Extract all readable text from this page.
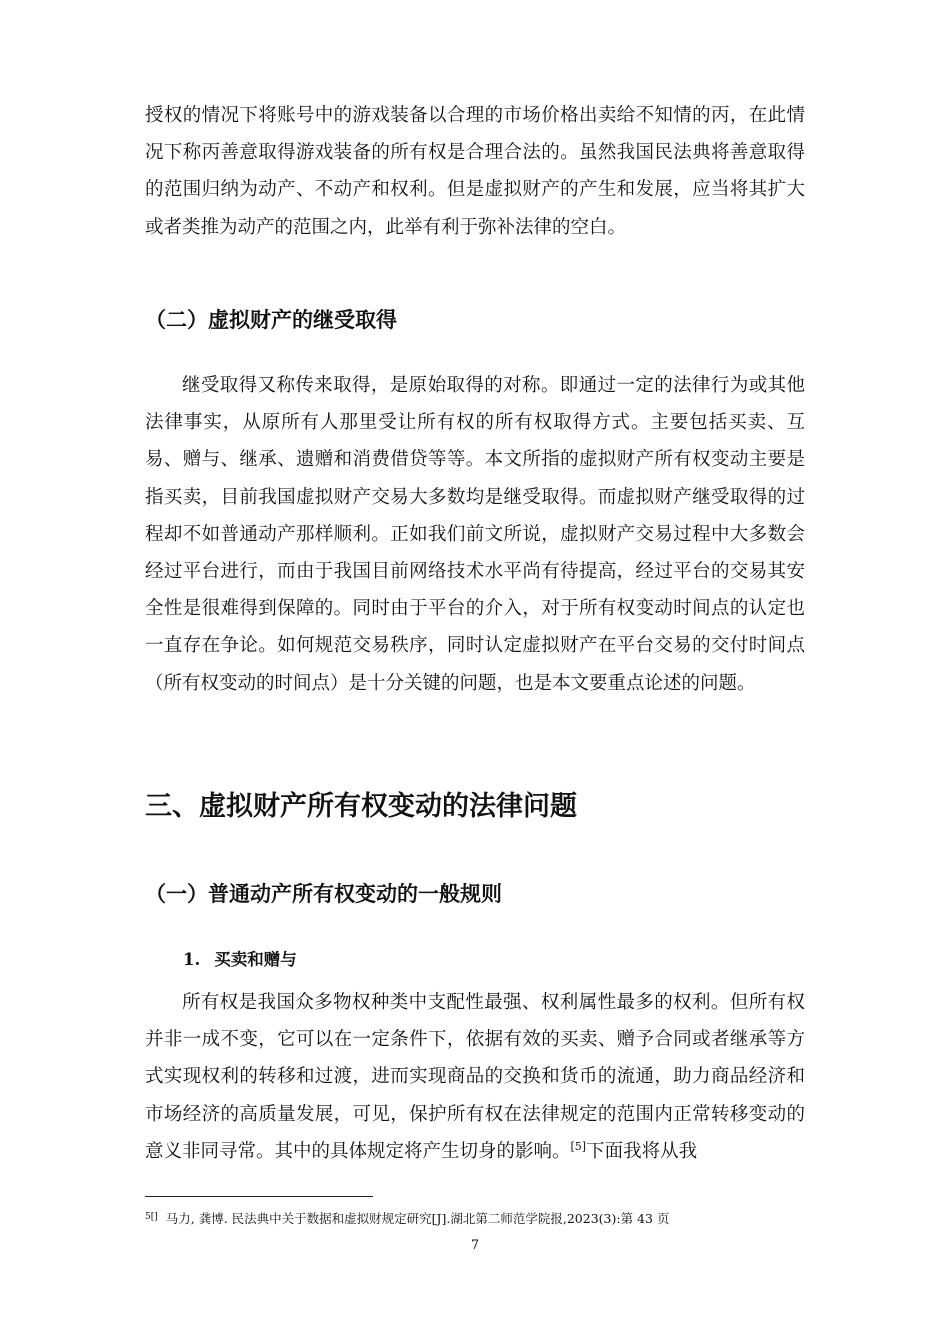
授权的情况下将账号中的游戏装备以合理的市场价格出卖给不知情的丙，在此情况下称丙善意取得游戏装备的所有权是合理合法的。虽然我国民法典将善意取得的范围归纳为动产、不动产和权利。但是虚拟财产的产生和发展，应当将其扩大或者类推为动产的范围之内，此举有利于弥补法律的空白。

（二）虚拟财产的继受取得

继受取得又称传来取得，是原始取得的对称。即通过一定的法律行为或其他法律事实，从原所有人那里受让所有权的所有权取得方式。主要包括买卖、互易、赠与、继承、遗赠和消费借贷等等。本文所指的虚拟财产所有权变动主要是指买卖，目前我国虚拟财产交易大多数均是继受取得。而虚拟财产继受取得的过程却不如普通动产那样顺利。正如我们前文所说，虚拟财产交易过程中大多数会经过平台进行，而由于我国目前网络技术水平尚有待提高，经过平台的交易其安全性是很难得到保障的。同时由于平台的介入，对于所有权变动时间点的认定也一直存在争论。如何规范交易秩序，同时认定虚拟财产在平台交易的交付时间点（所有权变动的时间点）是十分关键的问题，也是本文要重点论述的问题。

三、虚拟财产所有权变动的法律问题
（一）普通动产所有权变动的一般规则
1. 买卖和赠与

所有权是我国众多物权种类中支配性最强、权利属性最多的权利。但所有权并非一成不变，它可以在一定条件下，依据有效的买卖、赠予合同或者继承等方式实现权利的转移和过渡，进而实现商品的交换和货币的流通，助力商品经济和市场经济的高质量发展，可见，保护所有权在法律规定的范围内正常转移变动的意义非同寻常。其中的具体规定将产生切身的影响。[5]下面我将从我

$^{5[]}$ 马力, 龚博. 民法典中关于数据和虚拟财规定研究[J].湖北第二师范学院报,2023(3):第 43 页

7
